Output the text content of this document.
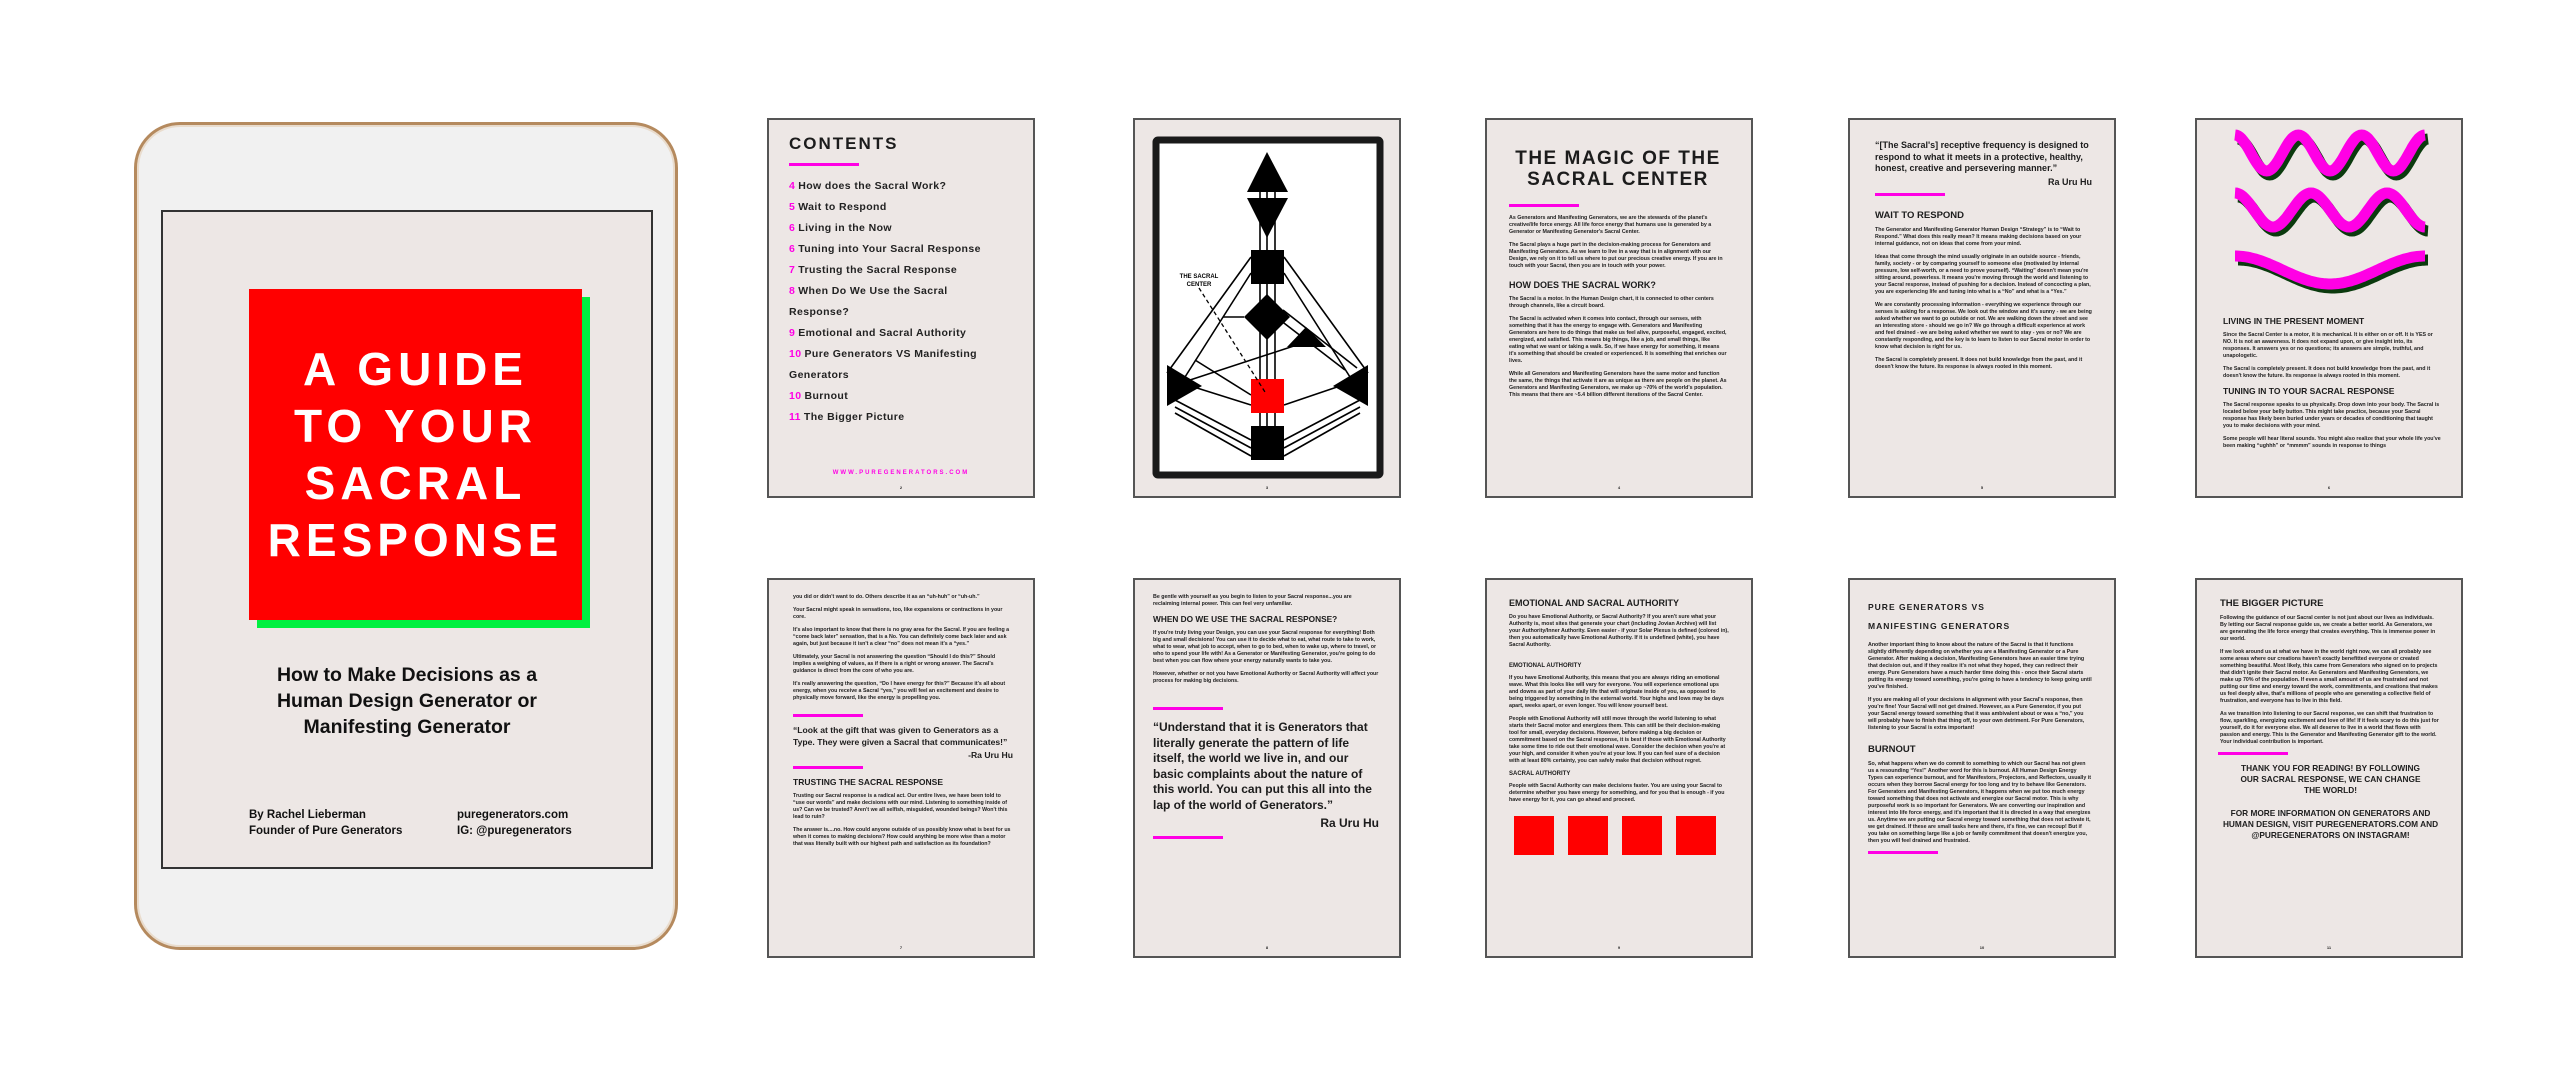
A GUIDE
TO YOUR
SACRAL
RESPONSE
How to Make Decisions as a
Human Design Generator or
Manifesting Generator
By Rachel Lieberman
Founder of Pure Generators
puregenerators.com
IG: @puregenerators
CONTENTS
4 How does the Sacral Work?
5 Wait to Respond
6 Living in the Now
6 Tuning into Your Sacral Response
7 Trusting the Sacral Response
8 When Do We Use the Sacral Response?
9 Emotional and Sacral Authority
10 Pure Generators VS Manifesting Generators
10 Burnout
11 The Bigger Picture
WWW.PUREGENERATORS.COM
2
THE SACRAL
CENTER
3
THE MAGIC OF THE SACRAL CENTER
As Generators and Manifesting Generators, we are the stewards of the planet's creative/life force energy. All life force energy that humans use is generated by a Generator or Manifesting Generator's Sacral Center.
The Sacral plays a huge part in the decision-making process for Generators and Manifesting Generators. As we learn to live in a way that is in alignment with our Design, we rely on it to tell us where to put our precious creative energy. If you are in touch with your Sacral, then you are in touch with your power.
HOW DOES THE SACRAL WORK?
The Sacral is a motor. In the Human Design chart, it is connected to other centers through channels, like a circuit board.
The Sacral is activated when it comes into contact, through our senses, with something that it has the energy to engage with. Generators and Manifesting Generators are here to do things that make us feel alive, purposeful, engaged, excited, energized, and satisfied. This means big things, like a job, and small things, like eating what we want or taking a walk. So, if we have energy for something, it means it's something that should be created or experienced. It is something that enriches our lives.
While all Generators and Manifesting Generators have the same motor and function the same, the things that activate it are as unique as there are people on the planet. As Generators and Manifesting Generators, we make up ~70% of the world's population. This means that there are ~5.4 billion different iterations of the Sacral Center.
4
“[The Sacral's] receptive frequency is designed to respond to what it meets in a protective, healthy, honest, creative and persevering manner.”
Ra Uru Hu
WAIT TO RESPOND
The Generator and Manifesting Generator Human Design “Strategy” is to “Wait to Respond.” What does this really mean? It means making decisions based on your internal guidance, not on ideas that come from your mind.
Ideas that come through the mind usually originate in an outside source - friends, family, society - or by comparing yourself to someone else (motivated by internal pressure, low self-worth, or a need to prove yourself). “Waiting” doesn't mean you're sitting around, powerless. It means you're moving through the world and listening to your Sacral response, instead of pushing for a decision. Instead of concocting a plan, you are experiencing life and tuning into what is a “No” and what is a “Yes.”
We are constantly processing information - everything we experience through our senses is asking for a response. We look out the window and it's sunny - we are being asked whether we want to go outside or not. We are walking down the street and see an interesting store - should we go in? We go through a difficult experience at work and feel drained - we are being asked whether we want to stay - yes or no? We are constantly responding, and the key is to learn to listen to our Sacral motor in order to know what decision is right for us.
The Sacral is completely present. It does not build knowledge from the past, and it doesn't know the future. Its response is always rooted in this moment.
5
LIVING IN THE PRESENT MOMENT
Since the Sacral Center is a motor, it is mechanical. It is either on or off. It is YES or NO. It is not an awareness. It does not expand upon, or give insight into, its responses. It answers yes or no questions; its answers are simple, truthful, and unapologetic.
The Sacral is completely present. It does not build knowledge from the past, and it doesn't know the future. Its response is always rooted in this moment.
TUNING IN TO YOUR SACRAL RESPONSE
The Sacral response speaks to us physically. Drop down into your body. The Sacral is located below your belly button. This might take practice, because your Sacral response has likely been buried under years or decades of conditioning that taught you to make decisions with your mind.
Some people will hear literal sounds. You might also realize that your whole life you've been making “ughhh” or “mmmm” sounds in response to things
6
you did or didn't want to do. Others describe it as an “uh-huh” or “uh-uh.”
Your Sacral might speak in sensations, too, like expansions or contractions in your core.
It's also important to know that there is no gray area for the Sacral. If you are feeling a “come back later” sensation, that is a No. You can definitely come back later and ask again, but just because it isn't a clear “no” does not mean it's a “yes.”
Ultimately, your Sacral is not answering the question “Should I do this?” Should implies a weighing of values, as if there is a right or wrong answer. The Sacral's guidance is direct from the core of who you are.
It's really answering the question, “Do I have energy for this?” Because it's all about energy, when you receive a Sacral “yes,” you will feel an excitement and desire to physically move forward, like the energy is propelling you.
“Look at the gift that was given to Generators as a Type. They were given a Sacral that communicates!”
-Ra Uru Hu
TRUSTING THE SACRAL RESPONSE
Trusting our Sacral response is a radical act. Our entire lives, we have been told to “use our words” and make decisions with our mind. Listening to something inside of us? Can we be trusted? Aren't we all selfish, misguided, wounded beings? Won't this lead to ruin?
The answer is....no. How could anyone outside of us possibly know what is best for us when it comes to making decisions? How could anything be more wise than a motor that was literally built with our highest path and satisfaction as its foundation?
7
Be gentle with yourself as you begin to listen to your Sacral response...you are reclaiming internal power. This can feel very unfamiliar.
WHEN DO WE USE THE SACRAL RESPONSE?
If you're truly living your Design, you can use your Sacral response for everything! Both big and small decisions! You can use it to decide what to eat, what route to take to work, what to wear, what job to accept, when to go to bed, when to wake up, where to travel, or who to spend your life with! As a Generator or Manifesting Generator, you're going to do best when you can flow where your energy naturally wants to take you.
However, whether or not you have Emotional Authority or Sacral Authority will affect your process for making big decisions.
“Understand that it is Generators that literally generate the pattern of life itself, the world we live in, and our basic complaints about the nature of this world. You can put this all into the lap of the world of Generators.”
Ra Uru Hu
8
EMOTIONAL AND SACRAL AUTHORITY
Do you have Emotional Authority, or Sacral Authority? If you aren't sure what your Authority is, most sites that generate your chart (including Jovian Archive) will list your Authority/Inner Authority. Even easier - if your Solar Plexus is defined (colored in), then you automatically have Emotional Authority. If it is undefined (white), you have Sacral Authority.
EMOTIONAL AUTHORITY
If you have Emotional Authority, this means that you are always riding an emotional wave. What this looks like will vary for everyone. You will experience emotional ups and downs as part of your daily life that will originate inside of you, as opposed to being triggered by something in the external world. Your highs and lows may be days apart, weeks apart, or even longer. You will know yourself best.
People with Emotional Authority will still move through the world listening to what starts their Sacral motor and energizes them. This can still be their decision-making tool for small, everyday decisions. However, before making a big decision or commitment based on the Sacral response, it is best if those with Emotional Authority take some time to ride out their emotional wave. Consider the decision when you're at your high, and consider it when you're at your low. If you can feel sure of a decision with at least 80% certainty, you can safely make that decision without regret.
SACRAL AUTHORITY
People with Sacral Authority can make decisions faster. You are using your Sacral to determine whether you have energy for something, and for you that is enough - if you have energy for it, you can go ahead and proceed.
9
PURE GENERATORS VS MANIFESTING GENERATORS
Another important thing to know about the nature of the Sacral is that it functions slightly differently depending on whether you are a Manifesting Generator or a Pure Generator. After making a decision, Manifesting Generators have an easier time trying that decision out, and if they realize it's not what they hoped, they can redirect their energy. Pure Generators have a much harder time doing this - once their Sacral starts putting its energy toward something, you're going to have a tendency to keep going until you've finished.
If you are making all of your decisions in alignment with your Sacral's response, then you're fine! Your Sacral will not get drained. However, as a Pure Generator, if you put your Sacral energy toward something that it was ambivalent about or was a “no,” you will probably have to finish that thing off, to your own detriment. For Pure Generators, listening to your Sacral is extra important!
BURNOUT
So, what happens when we do commit to something to which our Sacral has not given us a resounding “Yes!” Another word for this is burnout. All Human Design Energy Types can experience burnout, and for Manifestors, Projectors, and Reflectors, usually it occurs when they borrow Sacral energy for too long and try to behave like Generators. For Generators and Manifesting Generators, it happens when we put too much energy toward something that does not activate and energize our Sacral motor. This is why purposeful work is so important for Generators. We are converting our inspiration and interest into life force energy, and it's important that it is directed in a way that energizes us. Anytime we are putting our Sacral energy toward something that does not activate it, we get drained. If these are small tasks here and there, it's fine, we can recoup! But if you take on something large like a job or family commitment that doesn't energize you, then you will feel drained and frustrated.
10
THE BIGGER PICTURE
Following the guidance of our Sacral center is not just about our lives as individuals. By letting our Sacral response guide us, we create a better world. As Generators, we are generating the life force energy that creates everything. This is immense power in our world.
If we look around us at what we have in the world right now, we can all probably see some areas where our creations haven't exactly benefitted everyone or created something beautiful. Most likely, this came from Generators who signed on to projects that didn't ignite their Sacral motor. As Generators and Manifesting Generators, we make up 70% of the population. If even a small amount of us are frustrated and not putting our time and energy toward the work, committments, and creations that makes us feel deeply alive, that's millions of people who are generating a collective field of frustration, and everyone has to live in this field.
As we transition into listening to our Sacral response, we can shift that frustration to flow, sparkling, energizing excitement and love of life! If it feels scary to do this just for yourself, do it for everyone else. We all deserve to live in a world that flows with passion and energy. This is the Generator and Manifesting Generator gift to the world. Your individual contribution is important.
THANK YOU FOR READING! BY FOLLOWING OUR SACRAL RESPONSE, WE CAN CHANGE THE WORLD!
FOR MORE INFORMATION ON GENERATORS AND HUMAN DESIGN, VISIT PUREGENERATORS.COM AND @PUREGENERATORS ON INSTAGRAM!
11
